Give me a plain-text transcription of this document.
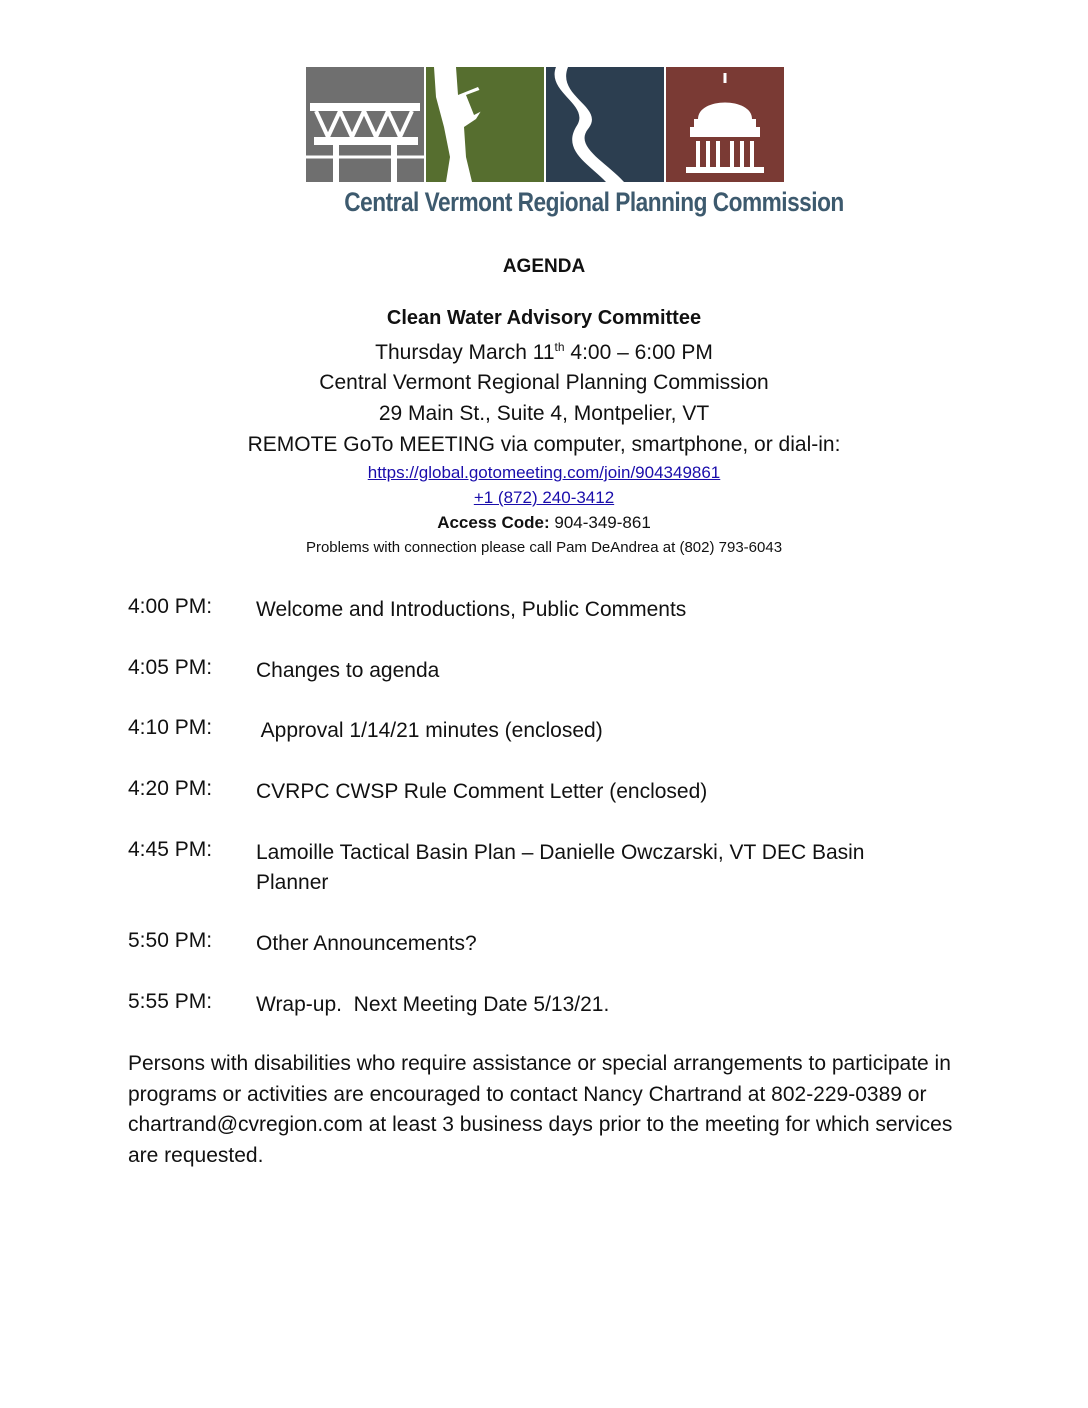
Central Vermont Regional Planning Commission
AGENDA
Clean Water Advisory Committee
Thursday March 11th 4:00 – 6:00 PM
Central Vermont Regional Planning Commission
29 Main St., Suite 4, Montpelier, VT
REMOTE GoTo MEETING via computer, smartphone, or dial-in:
https://global.gotomeeting.com/join/904349861
+1 (872) 240-3412
Access Code: 904-349-861
Problems with connection please call Pam DeAndrea at (802) 793-6043
4:00 PM:	Welcome and Introductions, Public Comments
4:05 PM:	Changes to agenda
4:10 PM:	Approval 1/14/21 minutes (enclosed)
4:20 PM:	CVRPC CWSP Rule Comment Letter (enclosed)
4:45 PM:	Lamoille Tactical Basin Plan – Danielle Owczarski, VT DEC Basin Planner
5:50 PM:	Other Announcements?
5:55 PM:	Wrap-up.  Next Meeting Date 5/13/21.
Persons with disabilities who require assistance or special arrangements to participate in programs or activities are encouraged to contact Nancy Chartrand at 802-229-0389 or chartrand@cvregion.com at least 3 business days prior to the meeting for which services are requested.
